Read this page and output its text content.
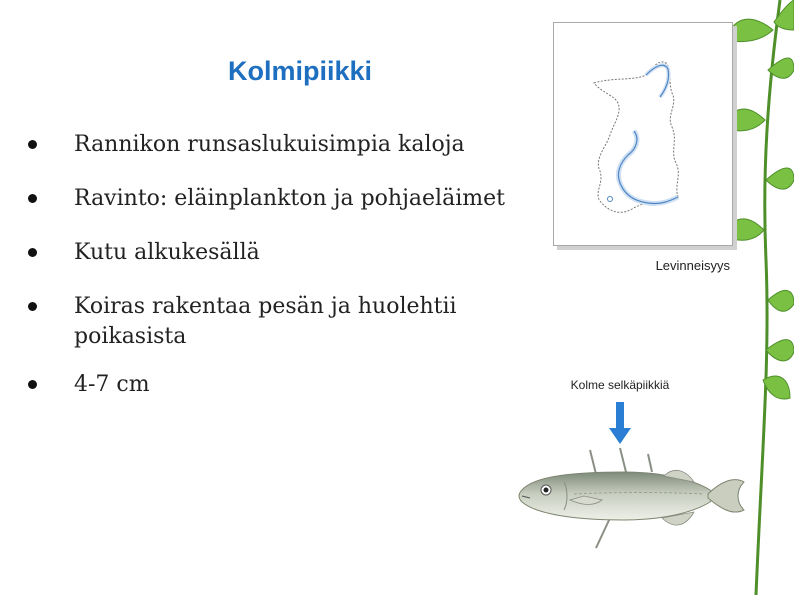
Kolmipiikki
Rannikon runsaslukuisimpia kaloja
Ravinto: eläinplankton ja pohjaeläimet
Kutu alkukesällä
Koiras rakentaa pesän ja huolehtii poikasista
4-7 cm
Levinneisyys
Kolme selkäpiikkiä
